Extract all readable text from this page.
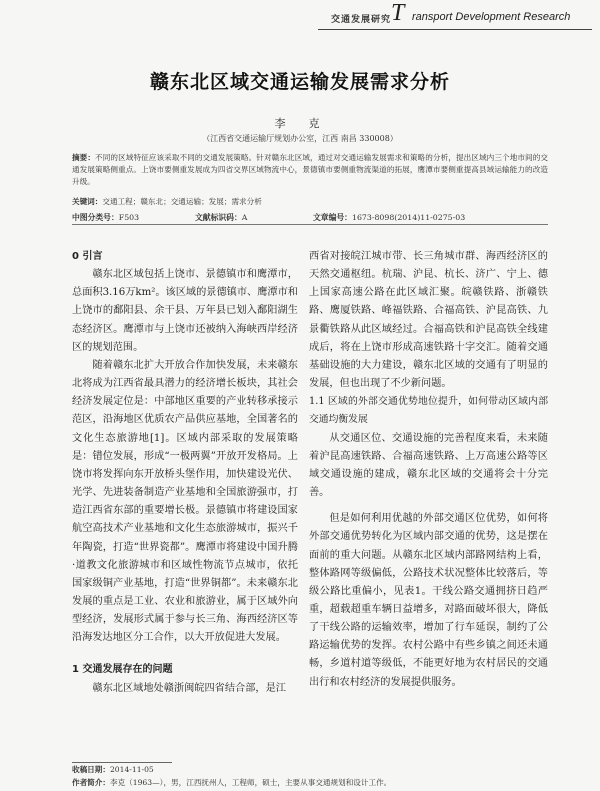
交通发展研究 T ransport Development Research
赣东北区域交通运输发展需求分析
李　克
（江西省交通运输厅规划办公室，江西 南昌 330008）
摘要：不同的区域特征应该采取不同的交通发展策略。针对赣东北区域，通过对交通运输发展需求和策略的分析，提出区域内三个地市间的交通发展策略侧重点。上饶市要侧重发展成为四省交界区域物流中心，景德镇市要侧重物流渠道的拓展，鹰潭市要侧重提高县域运输能力的改造升级。
关键词：交通工程；赣东北；交通运输；发展；需求分析
中图分类号：F503	文献标识码：A	文章编号：1673-8098(2014)11-0275-03
0 引言

赣东北区域包括上饶市、景德镇市和鹰潭市，总面积3.16万km²。该区域的景德镇市、鹰潭市和上饶市的鄱阳县、余干县、万年县已划入鄱阳湖生态经济区。鹰潭市与上饶市还被纳入海峡西岸经济区的规划范围。

随着赣东北扩大开放合作加快发展，未来赣东北将成为江西省最具潜力的经济增长板块，其社会经济发展定位是：中部地区重要的产业转移承接示范区，沿海地区优质农产品供应基地，全国著名的文化生态旅游地[1]。区域内部采取的发展策略是：错位发展，形成“一极两翼”开放开发格局。上饶市将发挥向东开放桥头堡作用，加快建设光伏、光学、先进装备制造产业基地和全国旅游强市，打造江西省东部的重要增长极。景德镇市将建设国家航空高技术产业基地和文化生态旅游城市，振兴千年陶瓷，打造“世界瓷都”。鹰潭市将建设中国升腾·道教文化旅游城市和区域性物流节点城市，依托国家级铜产业基地，打造“世界铜都”。未来赣东北发展的重点是工业、农业和旅游业，属于区域外向型经济，发展形式属于参与长三角、海西经济区等沿海发达地区分工合作，以大开放促进大发展。

1 交通发展存在的问题

赣东北区域地处赣浙闽皖四省结合部，是江

西省对接皖江城市带、长三角城市群、海西经济区的天然交通枢纽。杭瑞、沪昆、杭长、济广、宁上、德上国家高速公路在此区域汇聚。皖赣铁路、浙赣铁路、鹰厦铁路、峰福铁路、合福高铁、沪昆高铁、九景衢铁路从此区域经过。合福高铁和沪昆高铁全线建成后，将在上饶市形成高速铁路十字交汇。随着交通基础设施的大力建设，赣东北区域的交通有了明显的发展，但也出现了不少新问题。

1.1 区域的外部交通优势地位提升，如何带动区域内部交通均衡发展

从交通区位、交通设施的完善程度来看，未来随着沪昆高速铁路、合福高速铁路、上万高速公路等区域交通设施的建成，赣东北区域的交通将会十分完善。

但是如何利用优越的外部交通区位优势，如何将外部交通优势转化为区域内部交通的优势，这是摆在面前的重大问题。从赣东北区域内部路网结构上看，整体路网等级偏低，公路技术状况整体比较落后，等级公路比重偏小，见表1。干线公路交通拥挤日趋严重，超载超重车辆日益增多，对路面破坏很大，降低了干线公路的运输效率，增加了行车延误，制约了公路运输优势的发挥。农村公路中有些乡镇之间还未通畅，乡道村道等级低，不能更好地为农村居民的交通出行和农村经济的发展提供服务。

收稿日期：2014-11-05
作者简介：李克（1963—），男，江西抚州人，工程师，硕士，主要从事交通规划和设计工作。
